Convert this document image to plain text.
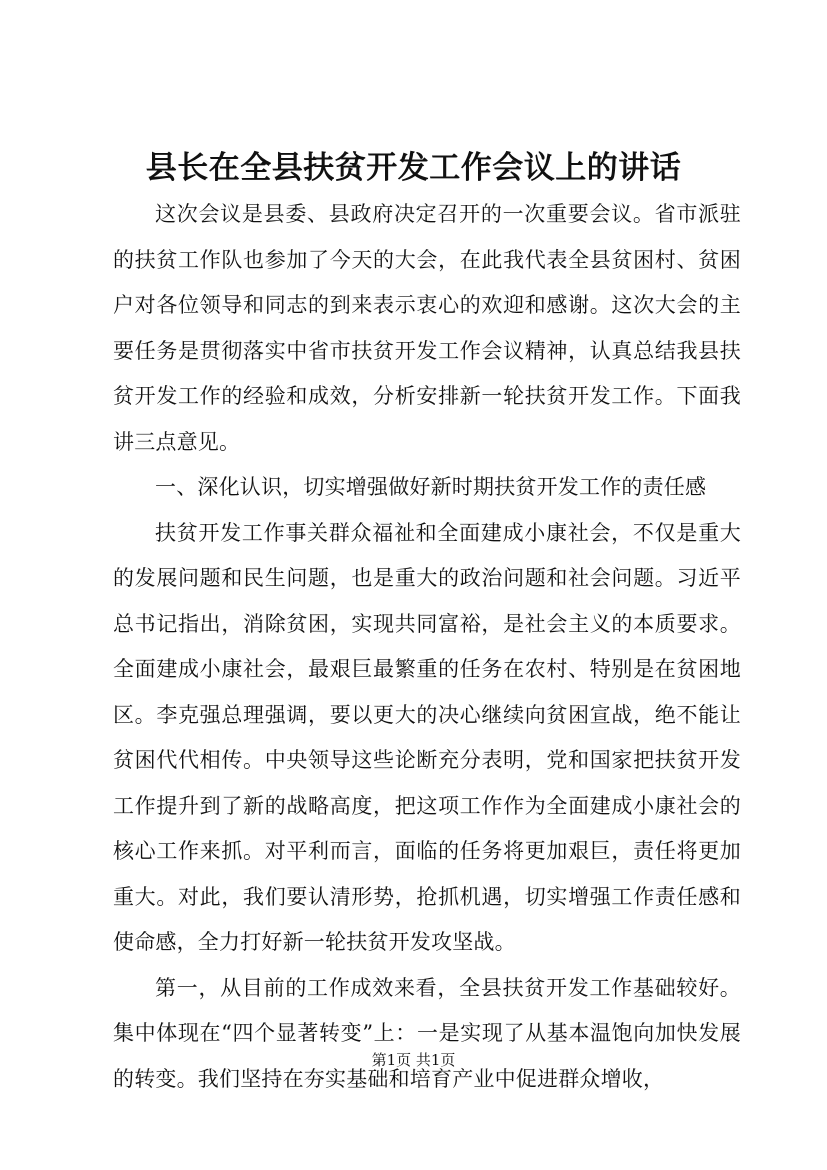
县长在全县扶贫开发工作会议上的讲话

这次会议是县委、县政府决定召开的一次重要会议。省市派驻的扶贫工作队也参加了今天的大会，在此我代表全县贫困村、贫困户对各位领导和同志的到来表示衷心的欢迎和感谢。这次大会的主要任务是贯彻落实中省市扶贫开发工作会议精神，认真总结我县扶贫开发工作的经验和成效，分析安排新一轮扶贫开发工作。下面我讲三点意见。

一、深化认识，切实增强做好新时期扶贫开发工作的责任感

扶贫开发工作事关群众福祉和全面建成小康社会，不仅是重大的发展问题和民生问题，也是重大的政治问题和社会问题。习近平总书记指出，消除贫困，实现共同富裕，是社会主义的本质要求。全面建成小康社会，最艰巨最繁重的任务在农村、特别是在贫困地区。李克强总理强调，要以更大的决心继续向贫困宣战，绝不能让贫困代代相传。中央领导这些论断充分表明，党和国家把扶贫开发工作提升到了新的战略高度，把这项工作作为全面建成小康社会的核心工作来抓。对平利而言，面临的任务将更加艰巨，责任将更加重大。对此，我们要认清形势，抢抓机遇，切实增强工作责任感和使命感，全力打好新一轮扶贫开发攻坚战。

第一，从目前的工作成效来看，全县扶贫开发工作基础较好。集中体现在“四个显著转变”上：一是实现了从基本温饱向加快发展的转变。我们坚持在夯实基础和培育产业中促进群众增收，

第1页 共1页
